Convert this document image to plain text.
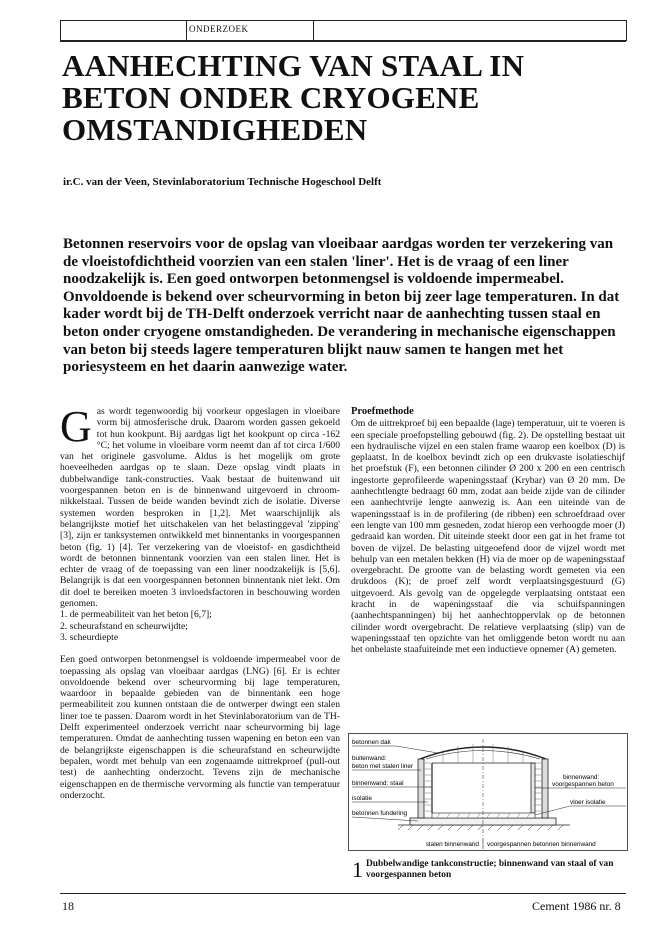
ONDERZOEK
AANHECHTING VAN STAAL IN BETON ONDER CRYOGENE OMSTANDIGHEDEN
ir.C. van der Veen, Stevinlaboratorium Technische Hogeschool Delft

Betonnen reservoirs voor de opslag van vloeibaar aardgas worden ter verzekering van de vloeistofdichtheid voorzien van een stalen 'liner'. Het is de vraag of een liner noodzakelijk is. Een goed ontworpen betonmengsel is voldoende impermeabel. Onvoldoende is bekend over scheurvorming in beton bij zeer lage temperaturen. In dat kader wordt bij de TH-Delft onderzoek verricht naar de aanhechting tussen staal en beton onder cryogene omstandigheden. De verandering in mechanische eigenschappen van beton bij steeds lagere temperaturen blijkt nauw samen te hangen met het poriesysteem en het daarin aanwezige water.

G as wordt tegenwoordig bij voorkeur opgeslagen in vloeibare vorm bij atmosferische druk. Daarom worden gassen gekoeld tot hun kookpunt. Bij aardgas ligt het kookpunt op circa -162 °C; het volume in vloeibare vorm neemt dan af tot circa 1/600 van het originele gasvolume. Aldus is het mogelijk om grote hoeveelheden aardgas op te slaan. Deze opslag vindt plaats in dubbelwandige tank-constructies. Vaak bestaat de buitenwand uit voorgespannen beton en is de binnenwand uitgevoerd in chroom-nikkelstaal. Tussen de beide wanden bevindt zich de isolatie. Diverse systemen worden besproken in [1,2]. Met waarschijnlijk als belangrijkste motief het uitschakelen van het belastinggeval 'zipping' [3], zijn er tanksystemen ontwikkeld met binnentanks in voorgespannen beton (fig. 1) [4]. Ter verzekering van de vloeistof- en gasdichtheid wordt de betonnen binnentank voorzien van een stalen liner. Het is echter de vraag of de toepassing van een liner noodzakelijk is [5,6]. Belangrijk is dat een voorgespannen betonnen binnentank niet lekt. Om dit doel te bereiken moeten 3 invloedsfactoren in beschouwing worden genomen.

1. de permeabiliteit van het beton [6,7];

2. scheurafstand en scheurwijdte;

3. scheurdiepte

Een goed ontworpen betonmengsel is voldoende impermeabel voor de toepassing als opslag van vloeibaar aardgas (LNG) [6]. Er is echter onvoldoende bekend over scheurvorming bij lage temperaturen, waardoor in bepaalde gebieden van de binnentank een hoge permeabiliteit zou kunnen ontstaan die de ontwerper dwingt een stalen liner toe te passen. Daarom wordt in het Stevinlaboratorium van de TH-Delft experimenteel onderzoek verricht naar scheurvorming bij lage temperaturen. Omdat de aanhechting tussen wapening en beton een van de belangrijkste eigenschappen is die scheurafstand en scheurwijdte bepalen, wordt met behulp van een zogenaamde uittrekproef (pull-out test) de aanhechting onderzocht. Tevens zijn de mechanische eigenschappen en de thermische vervorming als functie van temperatuur onderzocht.

Proefmethode

Om de uittrekproef bij een bepaalde (lage) temperatuur, uit te voeren is een speciale proefopstelling gebouwd (fig. 2). De opstelling bestaat uit een hydraulische vijzel en een stalen frame waarop een koelbox (D) is geplaatst. In de koelbox bevindt zich op een drukvaste isolatieschijf het proefstuk (F), een betonnen cilinder Ø 200 x 200 en een centrisch ingestorte geprofileerde wapeningsstaaf (Krybar) van Ø 20 mm. De aanhechtlengte bedraagt 60 mm, zodat aan beide zijde van de cilinder een aanhechtvrije lengte aanwezig is. Aan een uiteinde van de wapeningsstaaf is in de profilering (de ribben) een schroefdraad over een lengte van 100 mm gesneden, zodat hierop een verhoogde moer (J) gedraaid kan worden. Dit uiteinde steekt door een gat in het frame tot boven de vijzel. De belasting uitgeoefend door de vijzel wordt met behulp van een metalen bekken (H) via de moer op de wapeningsstaaf overgebracht. De grootte van de belasting wordt gemeten via een drukdoos (K); de proef zelf wordt verplaatsingsgestuurd (G) uitgevoerd. Als gevolg van de opgelegde verplaatsing ontstaat een kracht in de wapeningsstaaf die via schuifspanningen (aanhechtspanningen) bij het aanhechtoppervlak op de betonnen cilinder wordt overgebracht. De relatieve verplaatsing (slip) van de wapeningsstaaf ten opzichte van het omliggende beton wordt nu aan het onbelaste staafuiteinde met een inductieve opnemer (A) gemeten.

betonnen dak
buitenwand:
beton met stalen liner
binnenwand: staal
isolatie
betonnen fundering
binnenwand:
voorgespannen beton
vloer isolatie
stalen binnenwand voorgespannen betonnen binnenwand
1 Dubbelwandige tankconstructie; binnenwand van staal of van voorgespannen beton
18	Cement 1986 nr. 8
